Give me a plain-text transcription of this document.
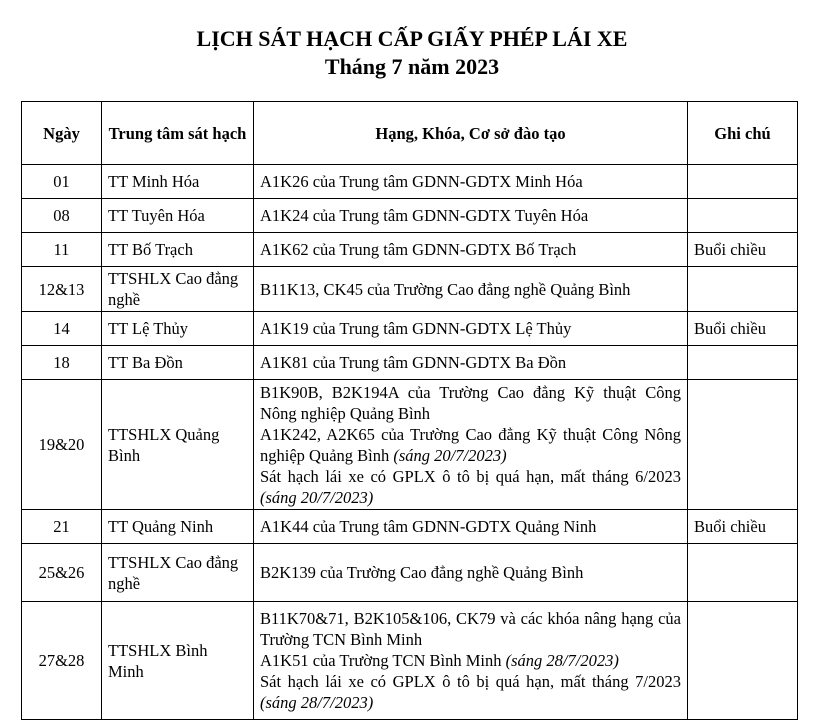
LỊCH SÁT HẠCH CẤP GIẤY PHÉP LÁI XE
Tháng 7 năm 2023
Ngày	Trung tâm sát hạch	Hạng, Khóa, Cơ sở đào tạo	Ghi chú
01	TT Minh Hóa	A1K26 của Trung tâm GDNN-GDTX Minh Hóa	

08	TT Tuyên Hóa	A1K24 của Trung tâm GDNN-GDTX Tuyên Hóa	

11	TT Bố Trạch	A1K62 của Trung tâm GDNN-GDTX Bố Trạch	Buổi chiều
12&13	TTSHLX Cao đẳng nghề	B11K13, CK45 của Trường Cao đẳng nghề Quảng Bình	

14	TT Lệ Thủy	A1K19 của Trung tâm GDNN-GDTX Lệ Thủy	Buổi chiều
18	TT Ba Đồn	A1K81 của Trung tâm GDNN-GDTX Ba Đồn	

19&20	TTSHLX Quảng Bình	B1K90B, B2K194A của Trường Cao đẳng Kỹ thuật Công Nông nghiệp Quảng Bình
A1K242, A2K65 của Trường Cao đẳng Kỹ thuật Công Nông nghiệp Quảng Bình (sáng 20/7/2023)
Sát hạch lái xe có GPLX ô tô bị quá hạn, mất tháng 6/2023 (sáng 20/7/2023)	

21	TT Quảng Ninh	A1K44 của Trung tâm GDNN-GDTX Quảng Ninh	Buổi chiều
25&26	TTSHLX Cao đẳng nghề	B2K139 của Trường Cao đẳng nghề Quảng Bình	

27&28	TTSHLX Bình Minh	B11K70&71, B2K105&106, CK79 và các khóa nâng hạng của Trường TCN Bình Minh
A1K51 của Trường TCN Bình Minh (sáng 28/7/2023)
Sát hạch lái xe có GPLX ô tô bị quá hạn, mất tháng 7/2023 (sáng 28/7/2023)	
